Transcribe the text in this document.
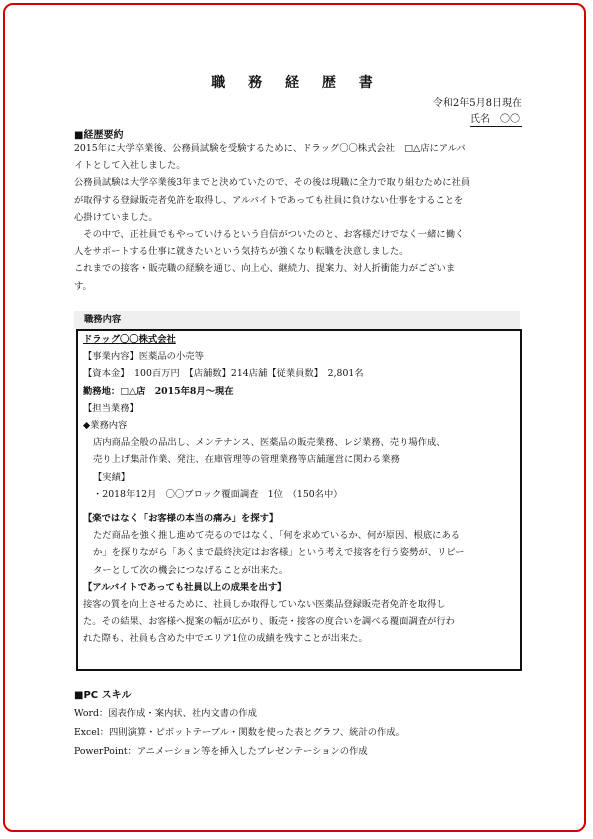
職 務 経 歴 書
令和2年5月8日現在
氏名 〇〇
■経歴要約

2015年に大学卒業後、公務員試験を受験するために、ドラッグ〇〇株式会社　□△店にアルバ

イトとして入社しました。

公務員試験は大学卒業後3年までと決めていたので、その後は現職に全力で取り組むために社員

が取得する登録販売者免許を取得し、アルバイトであっても社員に負けない仕事をすることを

心掛けていました。

　その中で、正社員でもやっていけるという自信がついたのと、お客様だけでなく一緒に働く

人をサポートする仕事に就きたいという気持ちが強くなり転職を決意しました。

これまでの接客・販売職の経験を通じ、向上心、継続力、提案力、対人折衝能力がございま

す。

職務内容
ドラッグ〇〇株式会社
【事業内容】医薬品の小売等
【資本金】　100百万円　【店舗数】214店舗【従業員数】　2,801名
勤務地：□△店　2015年8月～現在
【担当業務】
◆業務内容
店内商品全般の品出し、メンテナンス、医薬品の販売業務、レジ業務、売り場作成、
売り上げ集計作業、発注、在庫管理等の管理業務等店舗運営に関わる業務
【実績】
・2018年12月　〇〇ブロック覆面調査　1位　（150名中）
【楽ではなく「お客様の本当の痛み」を探す】
ただ商品を強く推し進めて売るのではなく、「何を求めているか、何が原因、根底にある
か」を探りながら「あくまで最終決定はお客様」という考えで接客を行う姿勢が、リピー
ターとして次の機会につなげることが出来た。
【アルバイトであっても社員以上の成果を出す】
接客の質を向上させるために、社員しか取得していない医薬品登録販売者免許を取得し
た。その結果、お客様へ提案の幅が広がり、販売・接客の度合いを調べる覆面調査が行わ
れた際も、社員も含めた中でエリア1位の成績を残すことが出来た。
■PC スキル
Word：図表作成・案内状、社内文書の作成
Excel：四則演算・ピボットテーブル・関数を使った表とグラフ、統計の作成。
PowerPoint：アニメーション等を挿入したプレゼンテーションの作成
